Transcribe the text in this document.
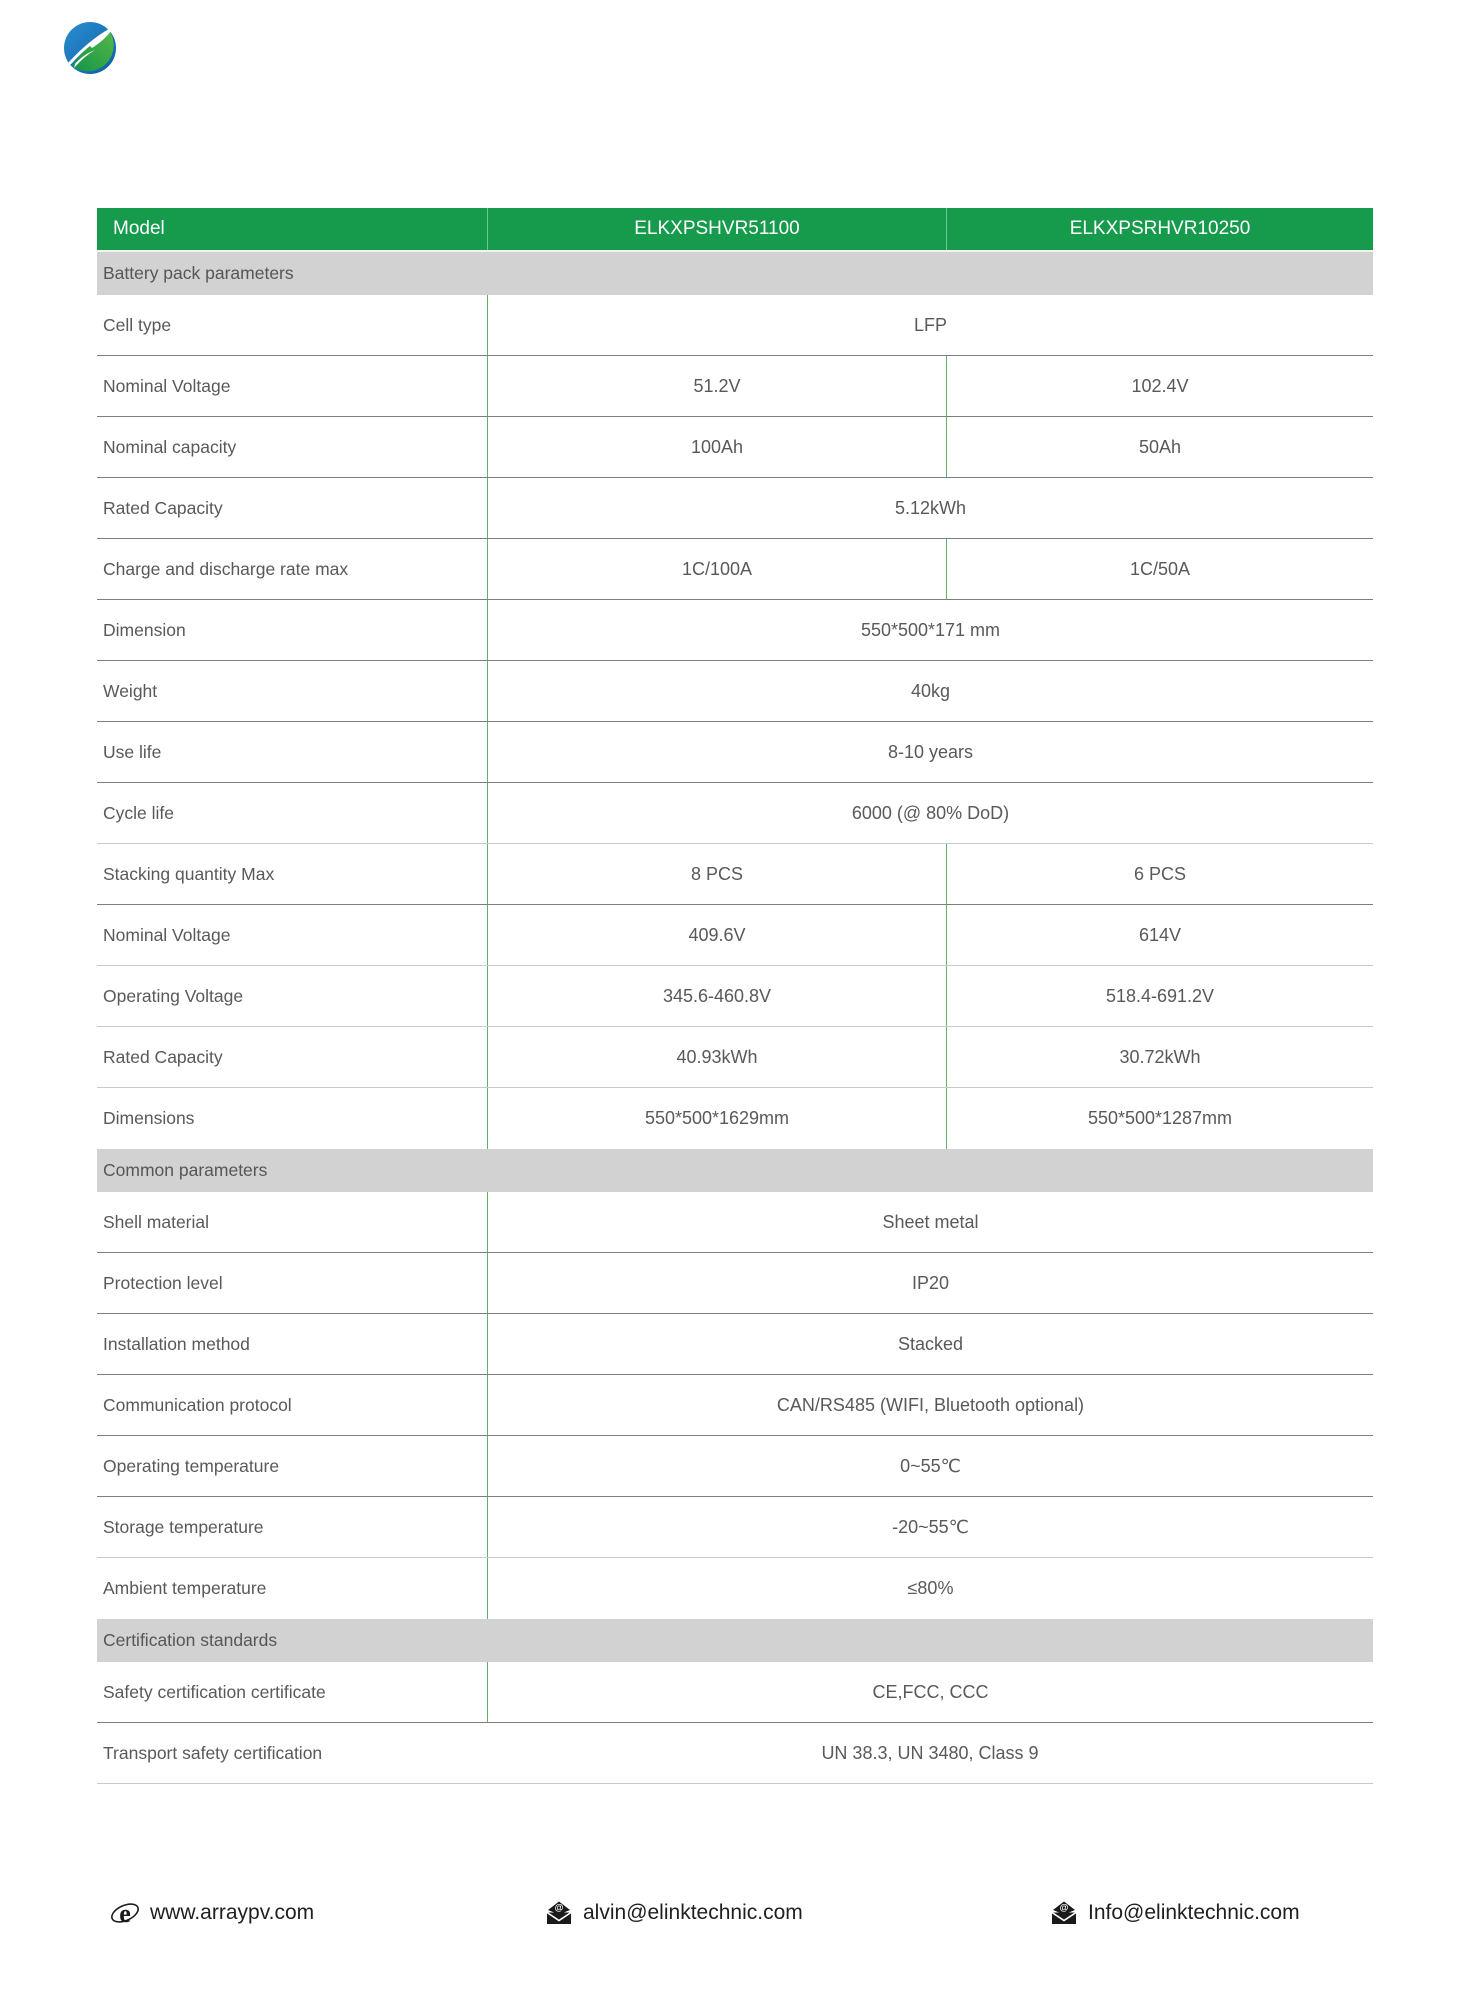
Model	ELKXPSHVR51100	ELKXPSRHVR10250
Battery pack parameters
Cell type	LFP
Nominal Voltage	51.2V	102.4V
Nominal capacity	100Ah	50Ah
Rated Capacity	5.12kWh
Charge and discharge rate max	1C/100A	1C/50A
Dimension	550*500*171 mm
Weight	40kg
Use life	8-10 years
Cycle life	6000 (@ 80% DoD)
Stacking quantity Max	8 PCS	6 PCS
Nominal Voltage	409.6V	614V
Operating Voltage	345.6-460.8V	518.4-691.2V
Rated Capacity	40.93kWh	30.72kWh
Dimensions	550*500*1629mm	550*500*1287mm
Common parameters
Shell material	Sheet metal
Protection level	IP20
Installation method	Stacked
Communication protocol	CAN/RS485 (WIFI, Bluetooth optional)
Operating temperature	0~55℃
Storage temperature	-20~55℃
Ambient temperature	≤80%
Certification standards
Safety certification certificate	CE,FCC, CCC
Transport safety certification	UN 38.3, UN 3480, Class 9
e www.arraypv.com	@ alvin@elinktechnic.com	@ Info@elinktechnic.com
